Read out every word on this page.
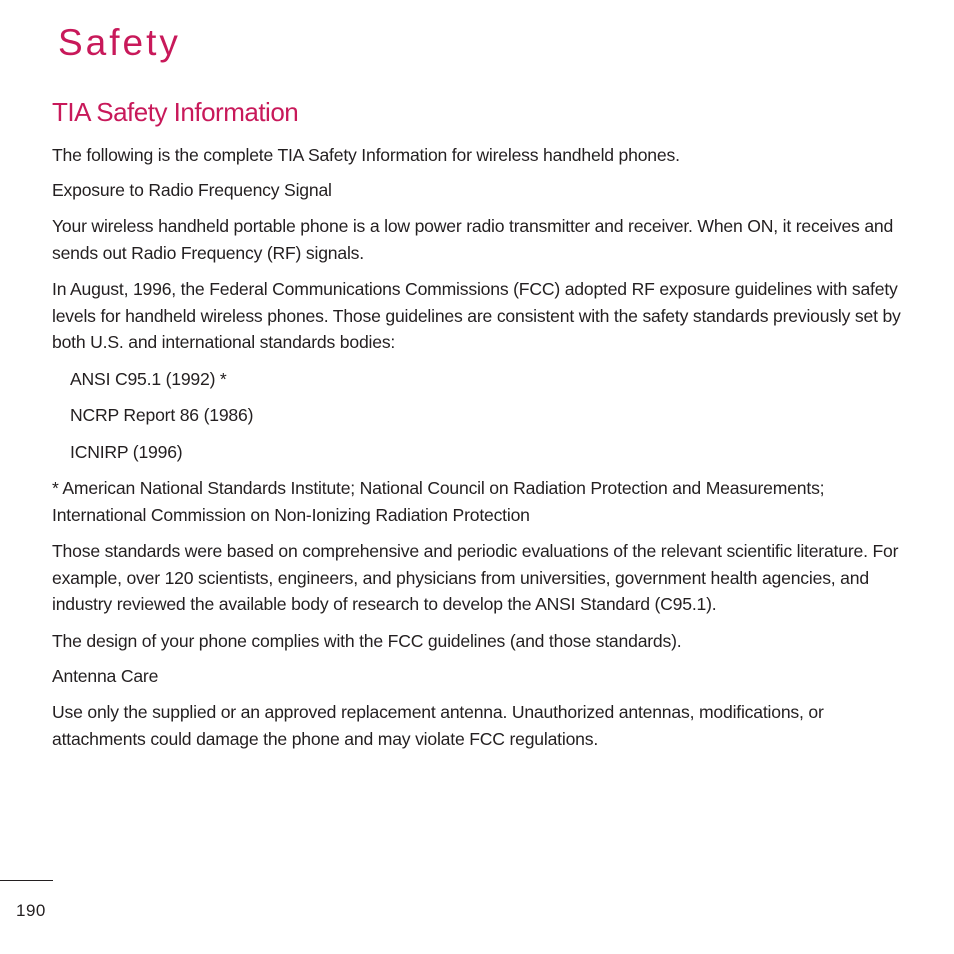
Safety
TIA Safety Information

The following is the complete TIA Safety Information for wireless handheld phones.

Exposure to Radio Frequency Signal

Your wireless handheld portable phone is a low power radio transmitter and receiver. When ON, it receives and sends out Radio Frequency (RF) signals.

In August, 1996, the Federal Communications Commissions (FCC) adopted RF exposure guidelines with safety levels for handheld wireless phones. Those guidelines are consistent with the safety standards previously set by both U.S. and international standards bodies:

ANSI C95.1 (1992) *
NCRP Report 86 (1986)
ICNIRP (1996)

* American National Standards Institute; National Council on Radiation Protection and Measurements; International Commission on Non-Ionizing Radiation Protection

Those standards were based on comprehensive and periodic evaluations of the relevant scientific literature. For example, over 120 scientists, engineers, and physicians from universities, government health agencies, and industry reviewed the available body of research to develop the ANSI Standard (C95.1).

The design of your phone complies with the FCC guidelines (and those standards).

Antenna Care

Use only the supplied or an approved replacement antenna. Unauthorized antennas, modifications, or attachments could damage the phone and may violate FCC regulations.

190
